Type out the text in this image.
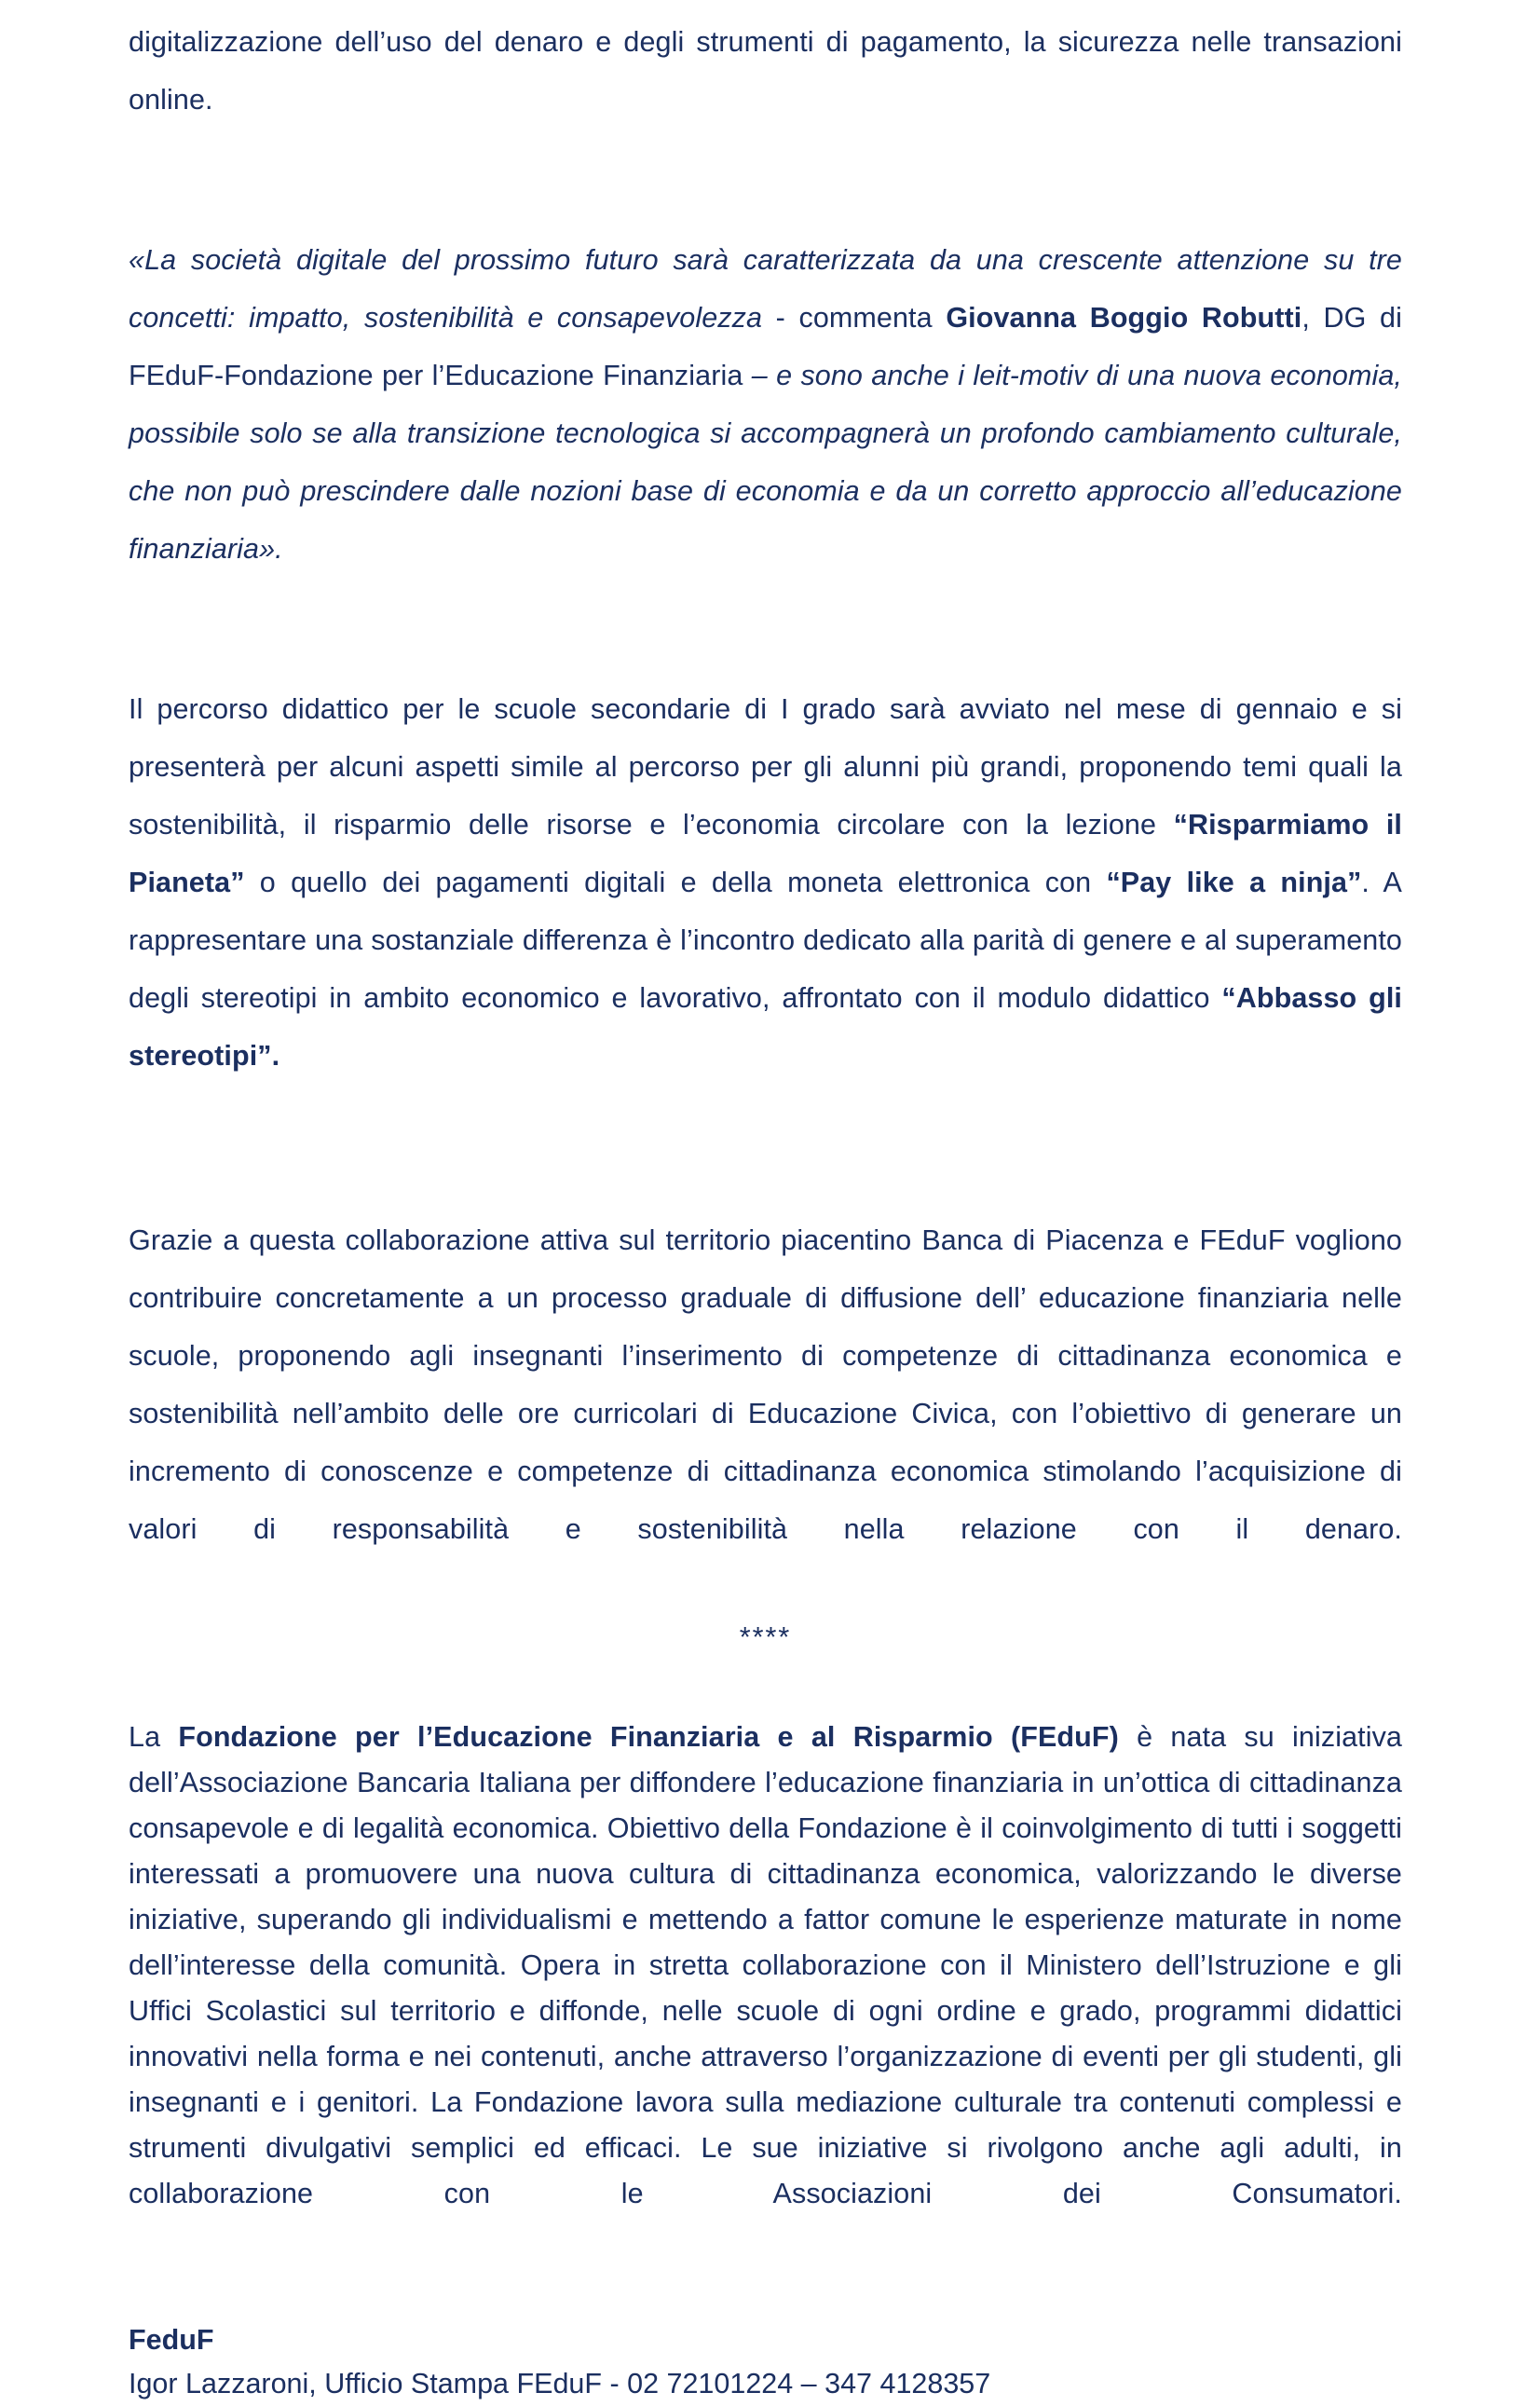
digitalizzazione dell’uso del denaro e degli strumenti di pagamento, la sicurezza nelle transazioni online.

«La società digitale del prossimo futuro sarà caratterizzata da una crescente attenzione su tre concetti: impatto, sostenibilità e consapevolezza - commenta Giovanna Boggio Robutti, DG di FEduF-Fondazione per l’Educazione Finanziaria – e sono anche i leit-motiv di una nuova economia, possibile solo se alla transizione tecnologica si accompagnerà un profondo cambiamento culturale, che non può prescindere dalle nozioni base di economia e da un corretto approccio all’educazione finanziaria».

Il percorso didattico per le scuole secondarie di I grado sarà avviato nel mese di gennaio e si presenterà per alcuni aspetti simile al percorso per gli alunni più grandi, proponendo temi quali la sostenibilità, il risparmio delle risorse e l’economia circolare con la lezione “Risparmiamo il Pianeta” o quello dei pagamenti digitali e della moneta elettronica con “Pay like a ninja”. A rappresentare una sostanziale differenza è l’incontro dedicato alla parità di genere e al superamento degli stereotipi in ambito economico e lavorativo, affrontato con il modulo didattico “Abbasso gli stereotipi”.

Grazie a questa collaborazione attiva sul territorio piacentino Banca di Piacenza e FEduF vogliono contribuire concretamente a un processo graduale di diffusione dell’ educazione finanziaria nelle scuole, proponendo agli insegnanti l’inserimento di competenze di cittadinanza economica e sostenibilità nell’ambito delle ore curricolari di Educazione Civica, con l’obiettivo di generare un incremento di conoscenze e competenze di cittadinanza economica stimolando l’acquisizione di valori di responsabilità e sostenibilità nella relazione con il denaro.

****

La Fondazione per l’Educazione Finanziaria e al Risparmio (FEduF) è nata su iniziativa dell’Associazione Bancaria Italiana per diffondere l’educazione finanziaria in un’ottica di cittadinanza consapevole e di legalità economica. Obiettivo della Fondazione è il coinvolgimento di tutti i soggetti interessati a promuovere una nuova cultura di cittadinanza economica, valorizzando le diverse iniziative, superando gli individualismi e mettendo a fattor comune le esperienze maturate in nome dell’interesse della comunità. Opera in stretta collaborazione con il Ministero dell’Istruzione e gli Uffici Scolastici sul territorio e diffonde, nelle scuole di ogni ordine e grado, programmi didattici innovativi nella forma e nei contenuti, anche attraverso l’organizzazione di eventi per gli studenti, gli insegnanti e i genitori. La Fondazione lavora sulla mediazione culturale tra contenuti complessi e strumenti divulgativi semplici ed efficaci. Le sue iniziative si rivolgono anche agli adulti, in collaborazione con le Associazioni dei Consumatori.

FeduF

Igor Lazzaroni, Ufficio Stampa FEduF - 02 72101224 – 347 4128357
